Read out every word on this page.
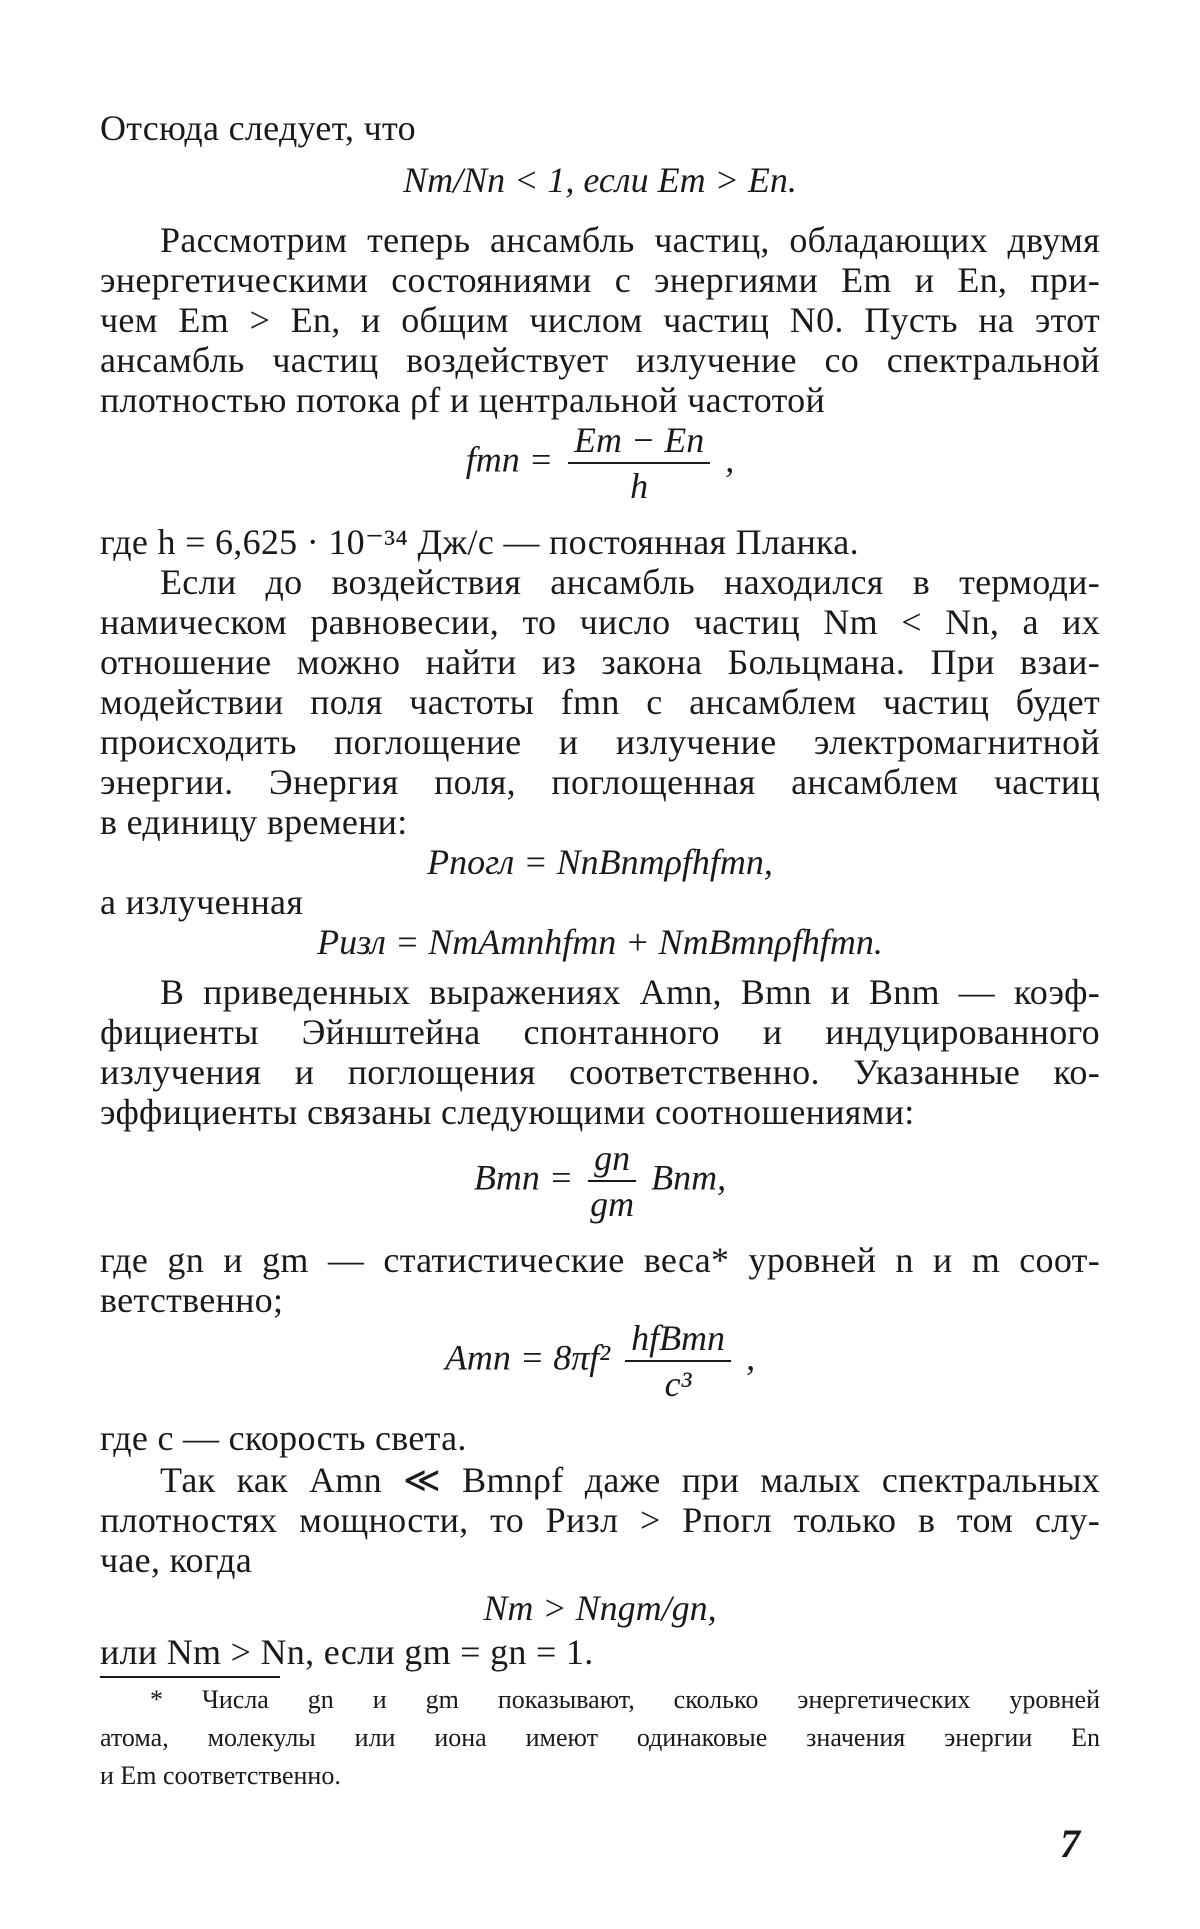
Отсюда следует, что
Nm/Nn < 1, если Em > En.
Рассмотрим теперь ансамбль частиц, обладающих двумя
энергетическими состояниями с энергиями Em и En, при-
чем Em > En, и общим числом частиц N0. Пусть на этот
ансамбль частиц воздействует излучение со спектральной
плотностью потока ρf и центральной частотой
fmn = $\frac{Em - En}{h}$ ,
где h = 6,625 · 10⁻³⁴ Дж/с — постоянная Планка.
Если до воздействия ансамбль находился в термоди-
намическом равновесии, то число частиц Nm < Nn, а их
отношение можно найти из закона Больцмана. При взаи-
модействии поля частоты fmn с ансамблем частиц будет
происходить поглощение и излучение электромагнитной
энергии. Энергия поля, поглощенная ансамблем частиц
в единицу времени:
Pпогл = NnBnmρfhfmn,
а излученная
Pизл = NmAmnhfmn + NmBmnρfhfmn.
В приведенных выражениях Amn, Bmn и Bnm — коэф-
фициенты Эйнштейна спонтанного и индуцированного
излучения и поглощения соответственно. Указанные ко-
эффициенты связаны следующими соотношениями:
Bmn = $\frac{gn}{gm}$ Bnm,
где gn и gm — статистические веса* уровней n и m соот-
ветственно;
Amn = $8\pi f^2 \frac{\text{hfBmn}}{\text{c³}}$ ,
где c — скорость света.
Так как Amn ≪ Bmnρf даже при малых спектральных
плотностях мощности, то Pизл > Pпогл только в том слу-
чае, когда
Nm > Nngm/gn,
или Nm > Nn, если gm = gn = 1.
* Числа gn и gm показывают, сколько энергетических уровней
атома, молекулы или иона имеют одинаковые значения энергии En
и Em соответственно.
7
